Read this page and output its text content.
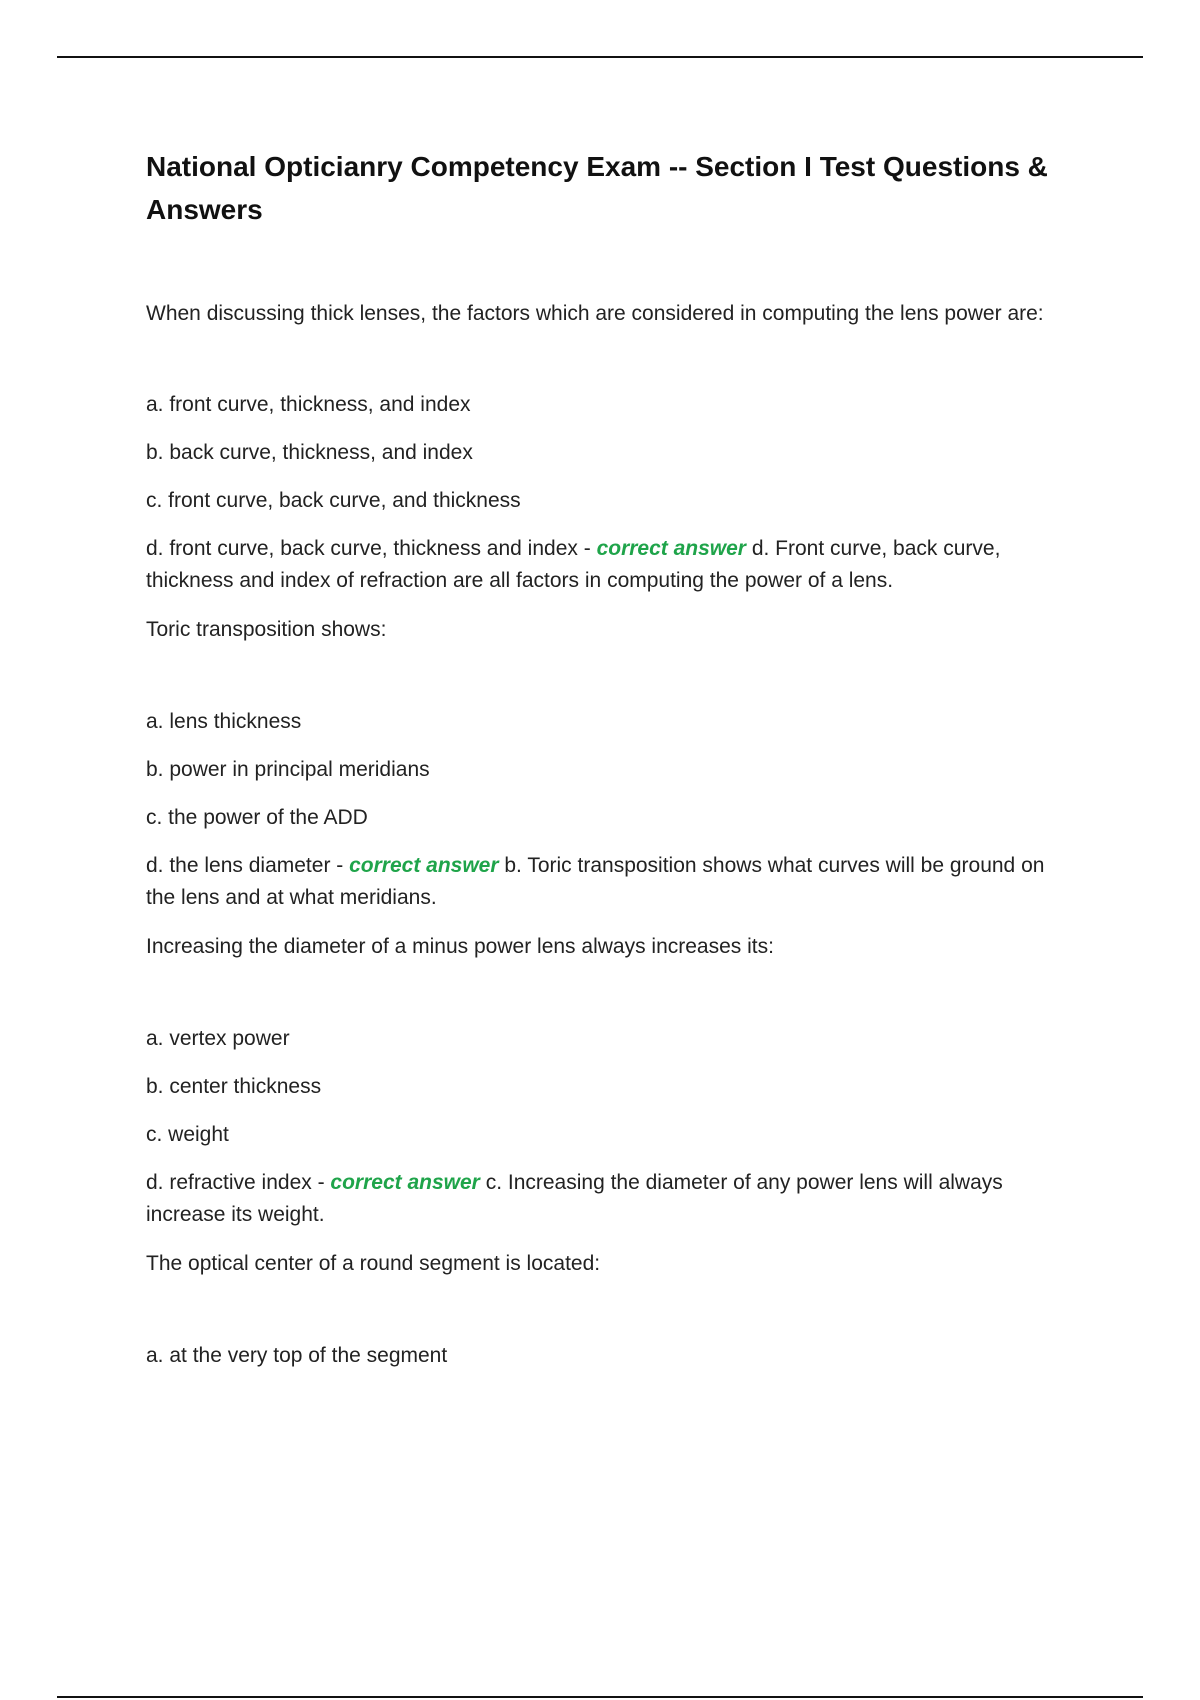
National Opticianry Competency Exam -- Section I Test Questions & Answers
When discussing thick lenses, the factors which are considered in computing the lens power are:
a. front curve, thickness, and index
b. back curve, thickness, and index
c. front curve, back curve, and thickness
d. front curve, back curve, thickness and index - correct answer d. Front curve, back curve, thickness and index of refraction are all factors in computing the power of a lens.
Toric transposition shows:
a. lens thickness
b. power in principal meridians
c. the power of the ADD
d. the lens diameter - correct answer b. Toric transposition shows what curves will be ground on the lens and at what meridians.
Increasing the diameter of a minus power lens always increases its:
a. vertex power
b. center thickness
c. weight
d. refractive index - correct answer c. Increasing the diameter of any power lens will always increase its weight.
The optical center of a round segment is located:
a. at the very top of the segment
